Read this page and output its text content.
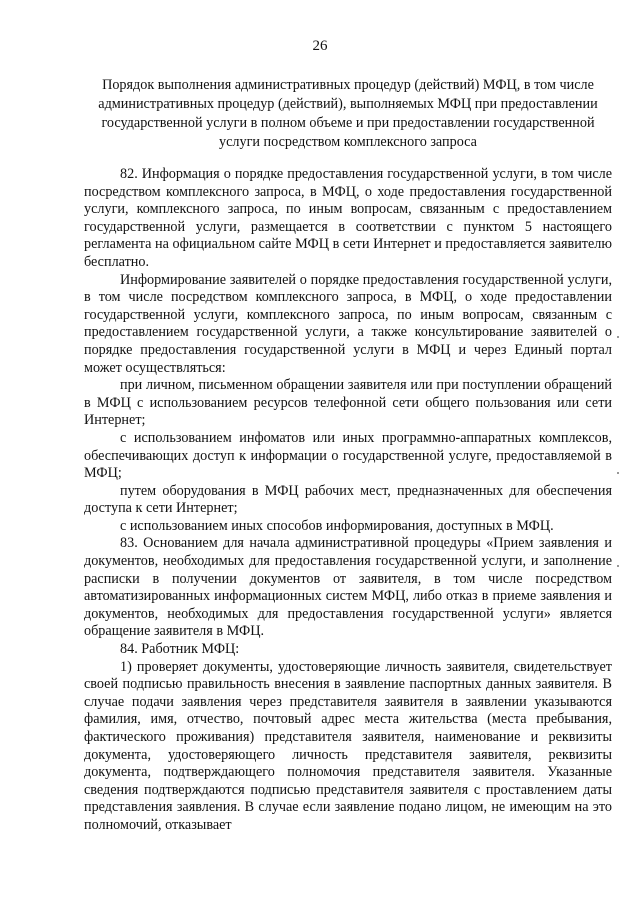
26
Порядок выполнения административных процедур (действий) МФЦ, в том числе административных процедур (действий), выполняемых МФЦ при предоставлении государственной услуги в полном объеме и при предоставлении государственной услуги посредством комплексного запроса

82. Информация о порядке предоставления государственной услуги, в том числе посредством комплексного запроса, в МФЦ, о ходе предоставления государственной услуги, комплексного запроса, по иным вопросам, связанным с предоставлением государственной услуги, размещается в соответствии с пунктом 5 настоящего регламента на официальном сайте МФЦ в сети Интернет и предоставляется заявителю бесплатно.

Информирование заявителей о порядке предоставления государственной услуги, в том числе посредством комплексного запроса, в МФЦ, о ходе предоставлении государственной услуги, комплексного запроса, по иным вопросам, связанным с предоставлением государственной услуги, а также консультирование заявителей о порядке предоставления государственной услуги в МФЦ и через Единый портал может осуществляться:

при личном, письменном обращении заявителя или при поступлении обращений в МФЦ с использованием ресурсов телефонной сети общего пользования или сети Интернет;

с использованием инфоматов или иных программно-аппаратных комплексов, обеспечивающих доступ к информации о государственной услуге, предоставляемой в МФЦ;

путем оборудования в МФЦ рабочих мест, предназначенных для обеспечения доступа к сети Интернет;

с использованием иных способов информирования, доступных в МФЦ.

83. Основанием для начала административной процедуры «Прием заявления и документов, необходимых для предоставления государственной услуги, и заполнение расписки в получении документов от заявителя, в том числе посредством автоматизированных информационных систем МФЦ, либо отказ в приеме заявления и документов, необходимых для предоставления государственной услуги» является обращение заявителя в МФЦ.

84. Работник МФЦ:

1) проверяет документы, удостоверяющие личность заявителя, свидетельствует своей подписью правильность внесения в заявление паспортных данных заявителя. В случае подачи заявления через представителя заявителя в заявлении указываются фамилия, имя, отчество, почтовый адрес места жительства (места пребывания, фактического проживания) представителя заявителя, наименование и реквизиты документа, удостоверяющего личность представителя заявителя, реквизиты документа, подтверждающего полномочия представителя заявителя. Указанные сведения подтверждаются подписью представителя заявителя с проставлением даты представления заявления. В случае если заявление подано лицом, не имеющим на это полномочий, отказывает
